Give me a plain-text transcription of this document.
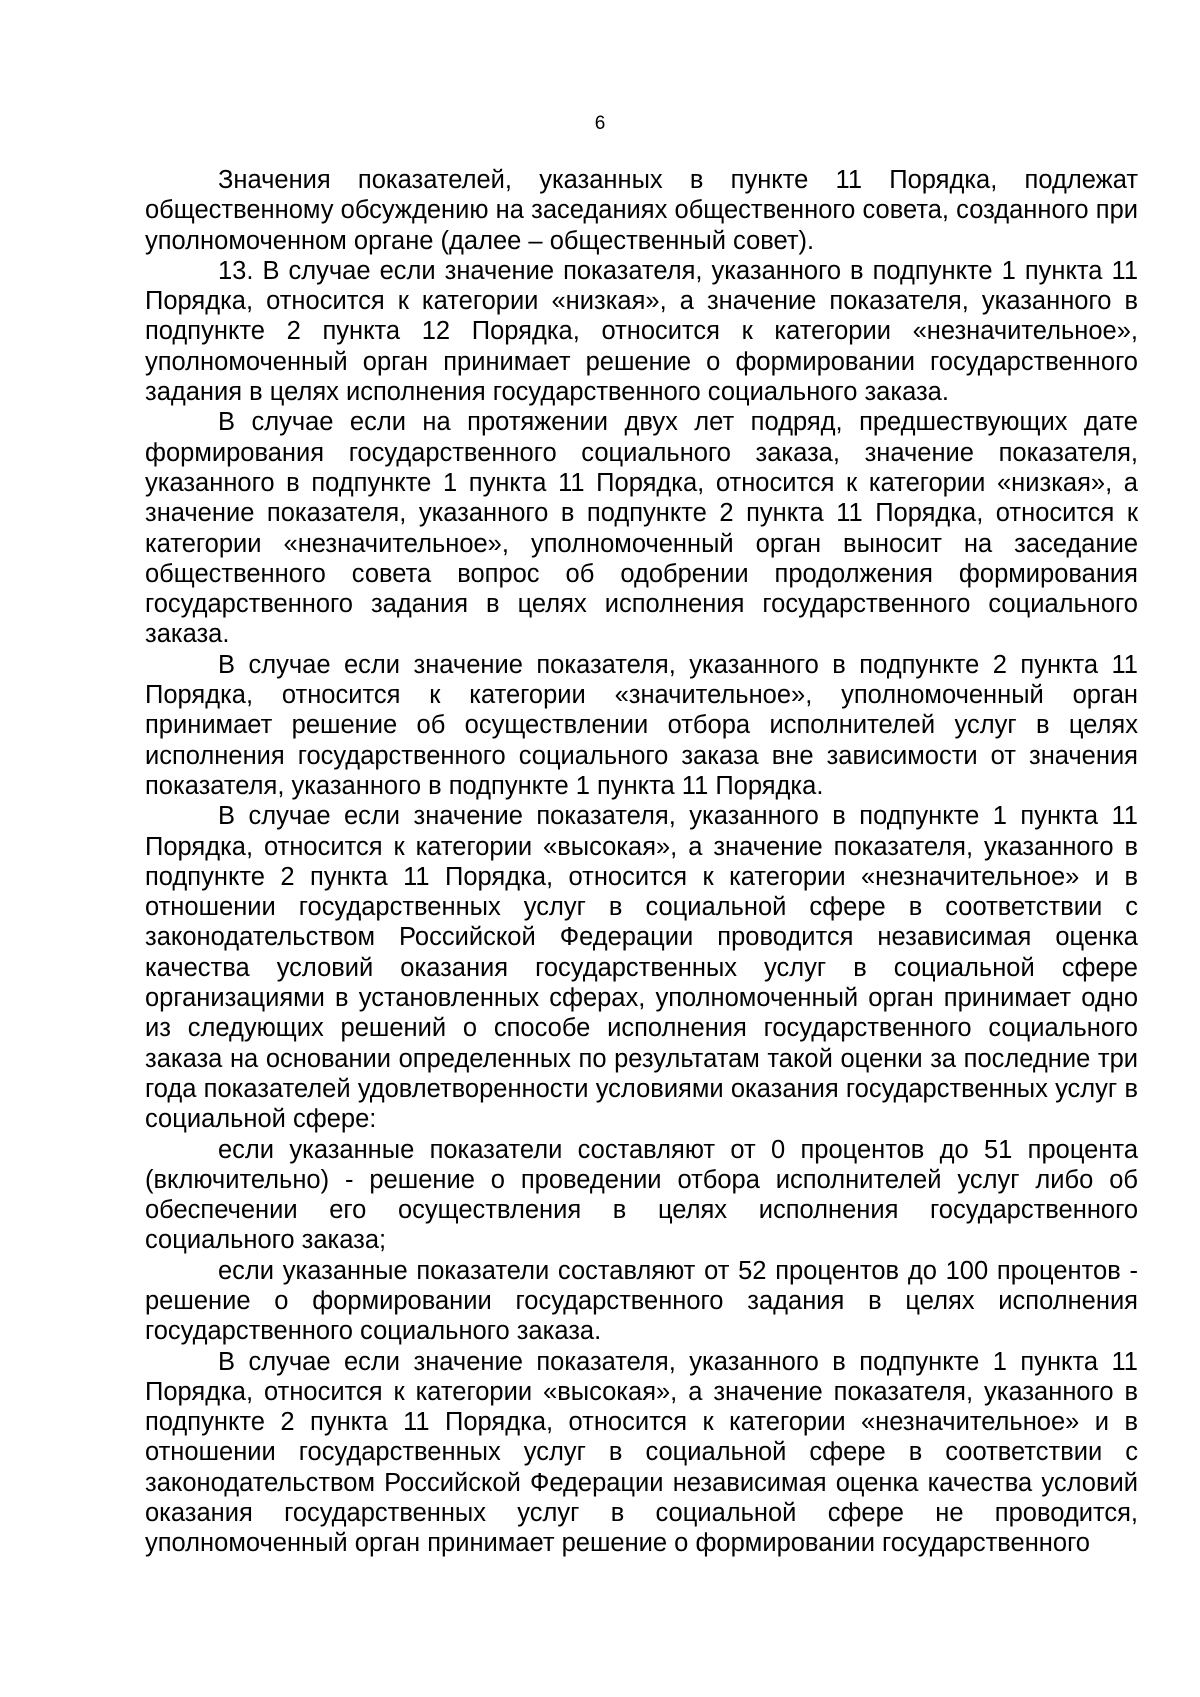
6

Значения показателей, указанных в пункте 11 Порядка, подлежат общественному обсуждению на заседаниях общественного совета, созданного при уполномоченном органе (далее – общественный совет).

13. В случае если значение показателя, указанного в подпункте 1 пункта 11 Порядка, относится к категории «низкая», а значение показателя, указанного в подпункте 2 пункта 12 Порядка, относится к категории «незначительное», уполномоченный орган принимает решение о формировании государственного задания в целях исполнения государственного социального заказа.

В случае если на протяжении двух лет подряд, предшествующих дате формирования государственного социального заказа, значение показателя, указанного в подпункте 1 пункта 11 Порядка, относится к категории «низкая», а значение показателя, указанного в подпункте 2 пункта 11 Порядка, относится к категории «незначительное», уполномоченный орган выносит на заседание общественного совета вопрос об одобрении продолжения формирования государственного задания в целях исполнения государственного социального заказа.

В случае если значение показателя, указанного в подпункте 2 пункта 11 Порядка, относится к категории «значительное», уполномоченный орган принимает решение об осуществлении отбора исполнителей услуг в целях исполнения государственного социального заказа вне зависимости от значения показателя, указанного в подпункте 1 пункта 11 Порядка.

В случае если значение показателя, указанного в подпункте 1 пункта 11 Порядка, относится к категории «высокая», а значение показателя, указанного в подпункте 2 пункта 11 Порядка, относится к категории «незначительное» и в отношении государственных услуг в социальной сфере в соответствии с законодательством Российской Федерации проводится независимая оценка качества условий оказания государственных услуг в социальной сфере организациями в установленных сферах, уполномоченный орган принимает одно из следующих решений о способе исполнения государственного социального заказа на основании определенных по результатам такой оценки за последние три года показателей удовлетворенности условиями оказания государственных услуг в социальной сфере:

если указанные показатели составляют от 0 процентов до 51 процента (включительно) - решение о проведении отбора исполнителей услуг либо об обеспечении его осуществления в целях исполнения государственного социального заказа;

если указанные показатели составляют от 52 процентов до 100 процентов - решение о формировании государственного задания в целях исполнения государственного социального заказа.

В случае если значение показателя, указанного в подпункте 1 пункта 11 Порядка, относится к категории «высокая», а значение показателя, указанного в подпункте 2 пункта 11 Порядка, относится к категории «незначительное» и в отношении государственных услуг в социальной сфере в соответствии с законодательством Российской Федерации независимая оценка качества условий оказания государственных услуг в социальной сфере не проводится, уполномоченный орган принимает решение о формировании государственного
